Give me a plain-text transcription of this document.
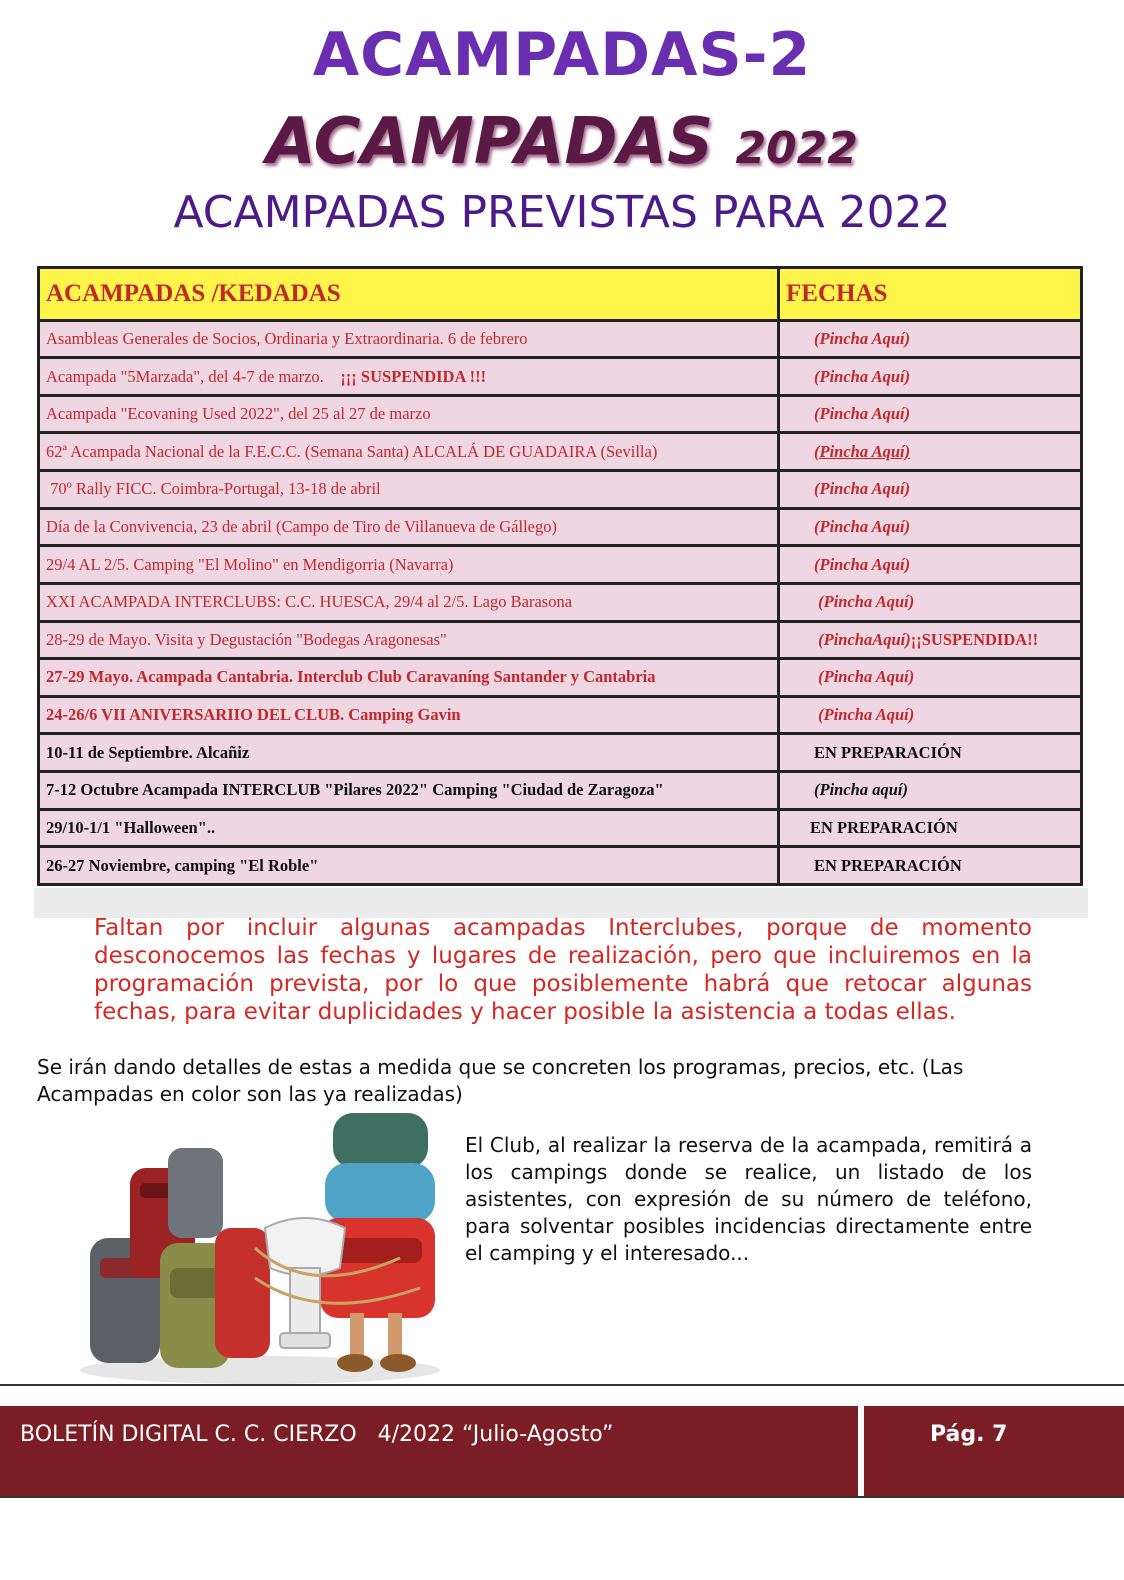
ACAMPADAS-2
ACAMPADAS 2022
ACAMPADAS PREVISTAS PARA 2022
ACAMPADAS /KEDADAS	FECHAS
Asambleas Generales de Socios, Ordinaria y Extraordinaria. 6 de febrero	(Pincha Aquí)
Acampada "5Marzada", del 4-7 de marzo. ¡¡¡ SUSPENDIDA !!!	(Pincha Aquí)
Acampada "Ecovaning Used 2022", del 25 al 27 de marzo	(Pincha Aquí)
62ª Acampada Nacional de la F.E.C.C. (Semana Santa) ALCALÁ DE GUADAIRA (Sevilla)	(Pincha Aquí)
70º Rally FICC. Coimbra-Portugal, 13-18 de abril	(Pincha Aquí)
Día de la Convivencia, 23 de abril (Campo de Tiro de Villanueva de Gállego)	(Pincha Aquí)
29/4 AL 2/5. Camping "El Molino" en Mendigorria (Navarra)	(Pincha Aquí)
XXI ACAMPADA INTERCLUBS: C.C. HUESCA, 29/4 al 2/5. Lago Barasona	(Pincha Aquí)
28-29 de Mayo. Visita y Degustación "Bodegas Aragonesas"	(PinchaAquí)¡¡SUSPENDIDA!!
27-29 Mayo. Acampada Cantabria. Interclub Club Caravaníng Santander y Cantabria	(Pincha Aquí)
24-26/6 VII ANIVERSARIIO DEL CLUB. Camping Gavin	(Pincha Aquí)
10-11 de Septiembre. Alcañiz	EN PREPARACIÓN
7-12 Octubre Acampada INTERCLUB "Pilares 2022" Camping "Ciudad de Zaragoza"	(Pincha aquí)
29/10-1/1 "Halloween"..	EN PREPARACIÓN
26-27 Noviembre, camping "El Roble"	EN PREPARACIÓN
Faltan por incluir algunas acampadas Interclubes, porque de momento desconocemos las fechas y lugares de realización, pero que incluiremos en la programación prevista, por lo que posiblemente habrá que retocar algunas fechas, para evitar duplicidades y hacer posible la asistencia a todas ellas.
Se irán dando detalles de estas a medida que se concreten los programas, precios, etc. (Las Acampadas en color son las ya realizadas)
El Club, al realizar la reserva de la acampada, remitirá a los campings donde se realice, un listado de los asistentes, con expresión de su número de teléfono, para solventar posibles incidencias directamente entre el camping y el interesado...
BOLETÍN DIGITAL C. C. CIERZO   4/2022 “Julio-Agosto”	Pág. 7
